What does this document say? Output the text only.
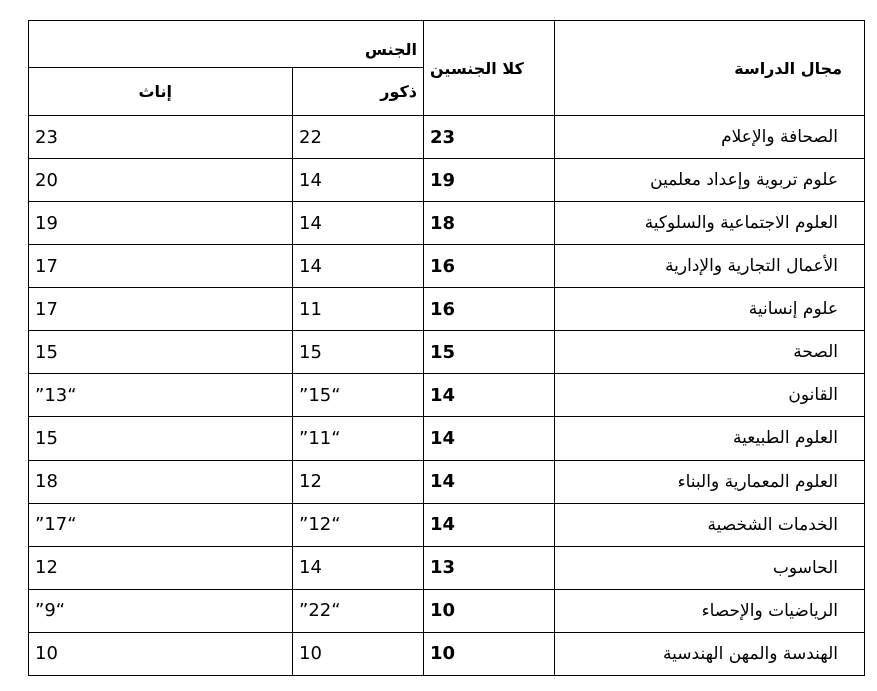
مجال الدراسة	كلا الجنسين	الجنس	
		ذكور	إناث
الصحافة والإعلام	23	22	23
علوم تربوية وإعداد معلمين	19	14	20
العلوم الاجتماعية والسلوكية	18	14	19
الأعمال التجارية والإدارية	16	14	17
علوم إنسانية	16	11	17
الصحة	15	15	15
القانون	14	“15”	“13”
العلوم الطبيعية	14	“11”	15
العلوم المعمارية والبناء	14	12	18
الخدمات الشخصية	14	“12”	“17”
الحاسوب	13	14	12
الرياضيات والإحصاء	10	“22”	“9”
الهندسة والمهن الهندسية	10	10	10
